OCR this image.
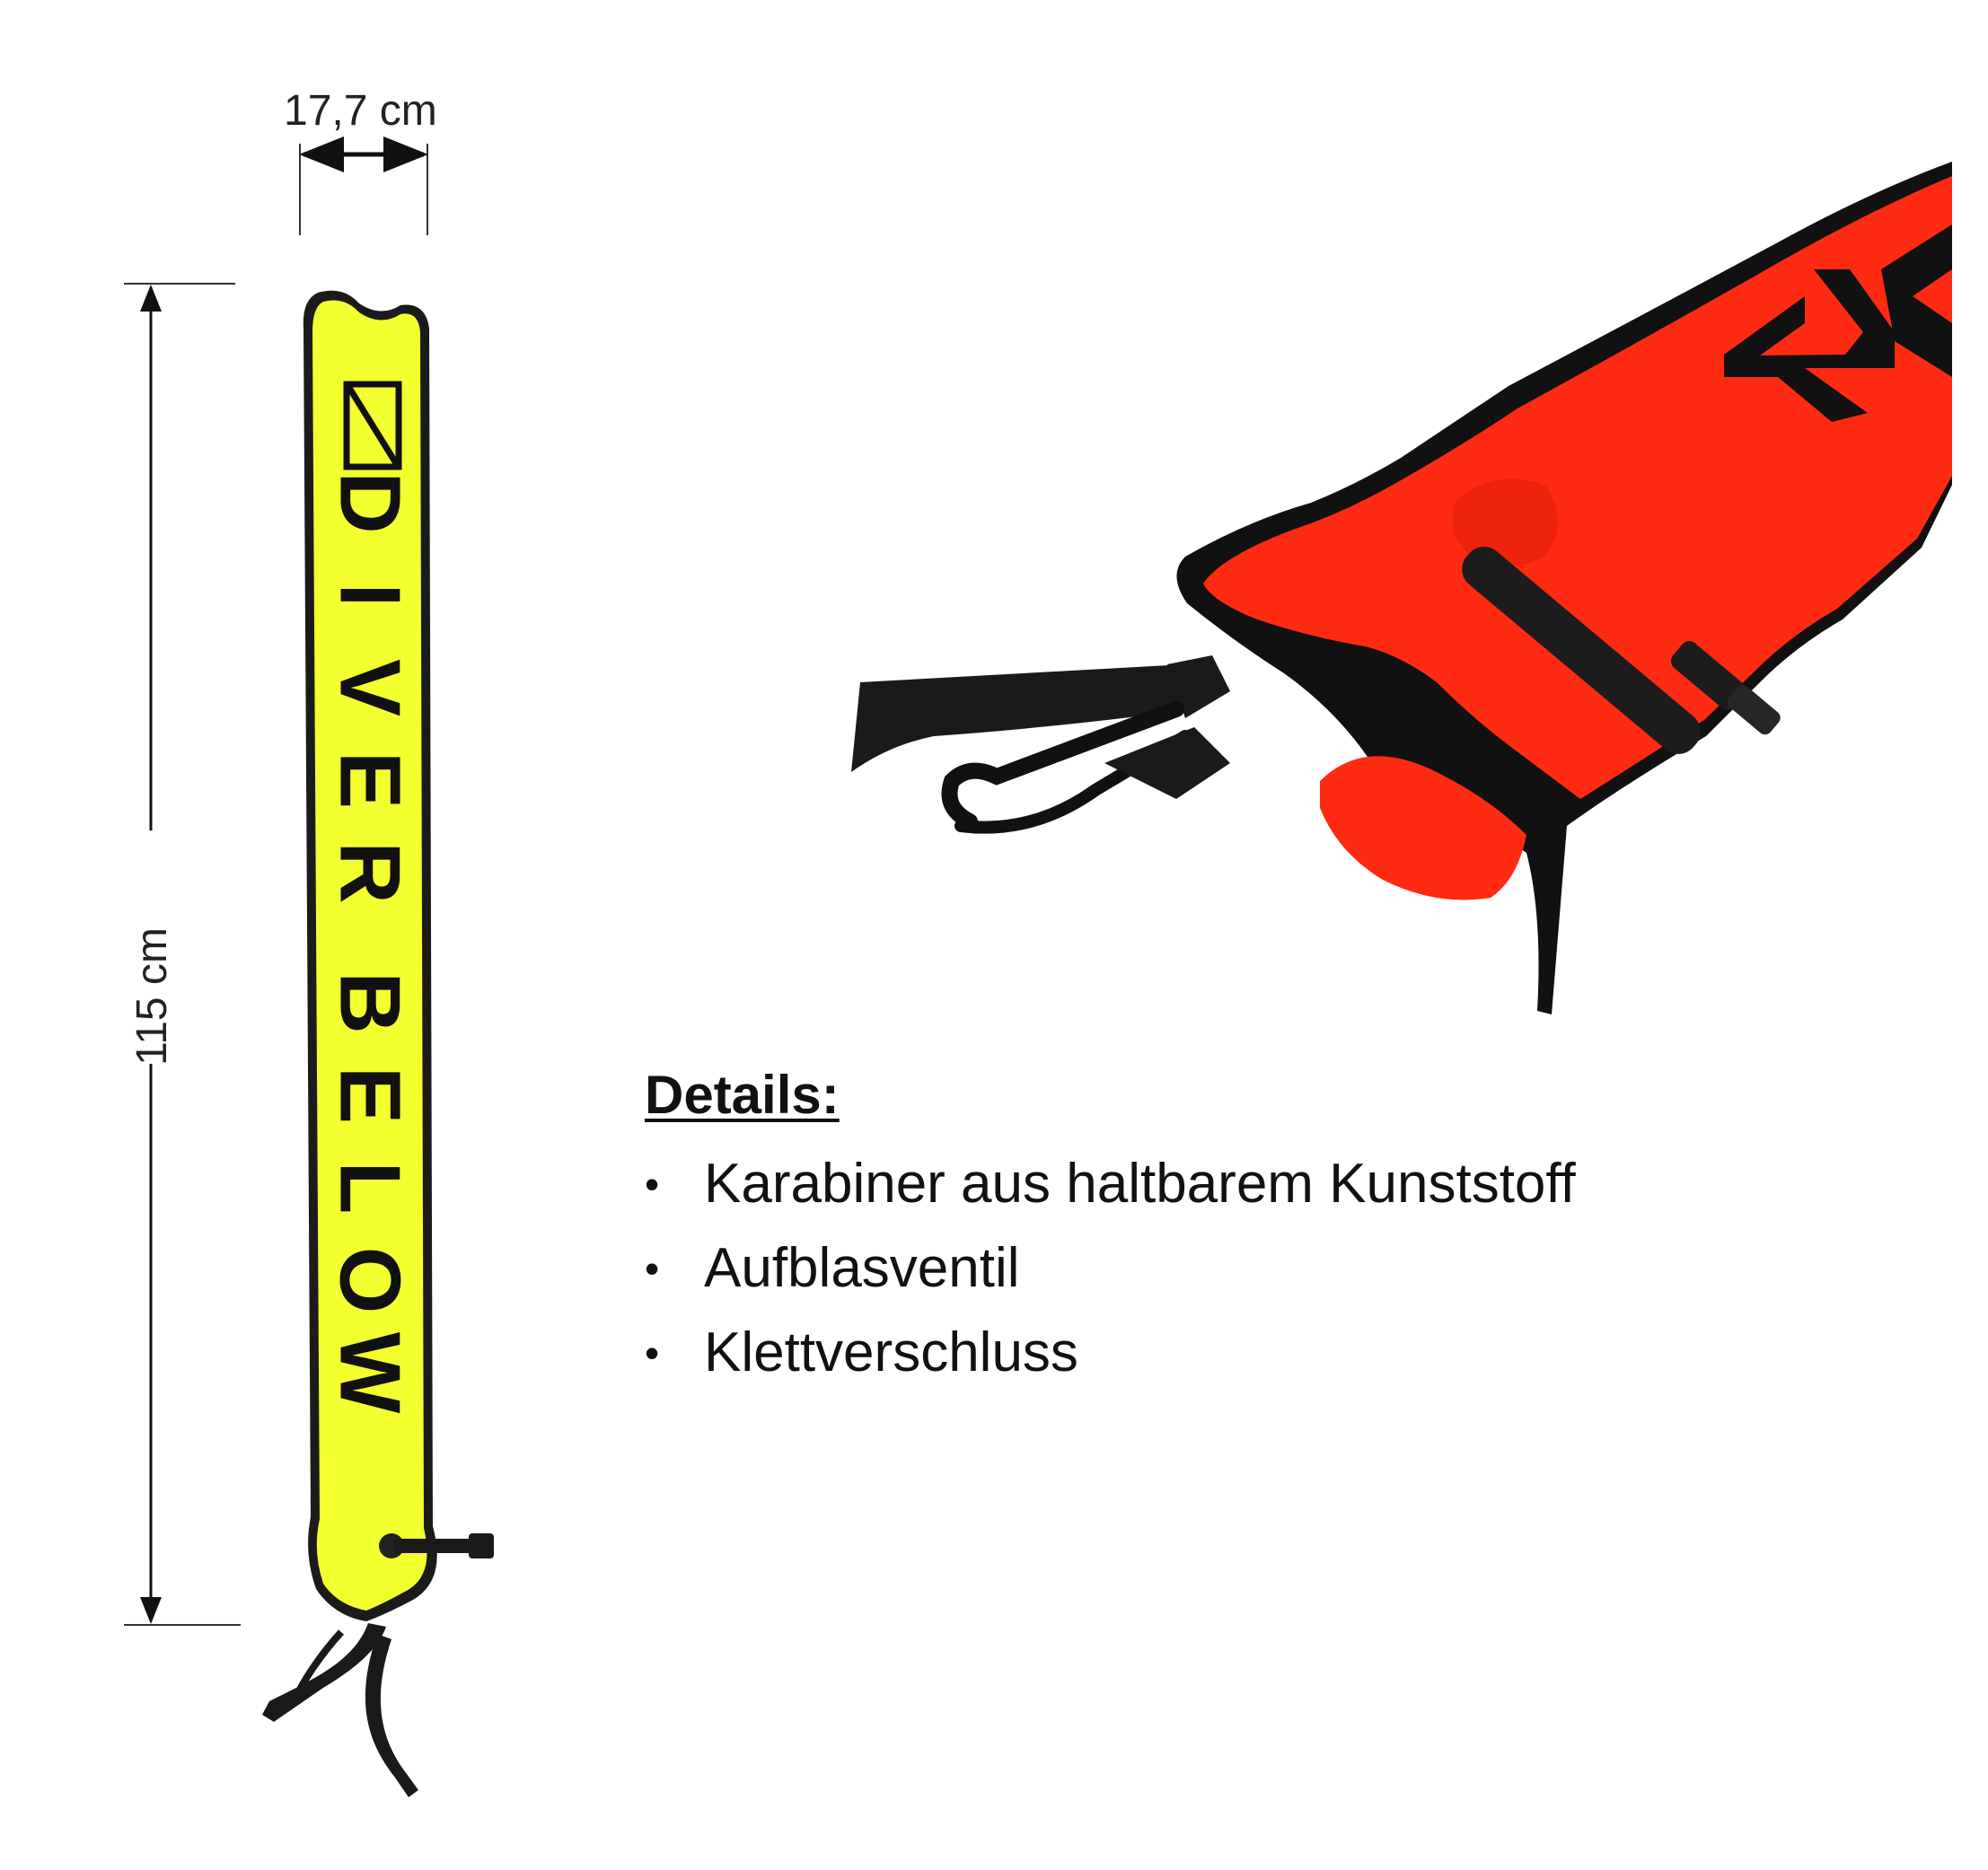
17,7 cm
115 cm
D
I
V
E
R
B
E
L
O
W
Details:
• Karabiner aus haltbarem Kunststoff
• Aufblasventil
• Klettverschluss
